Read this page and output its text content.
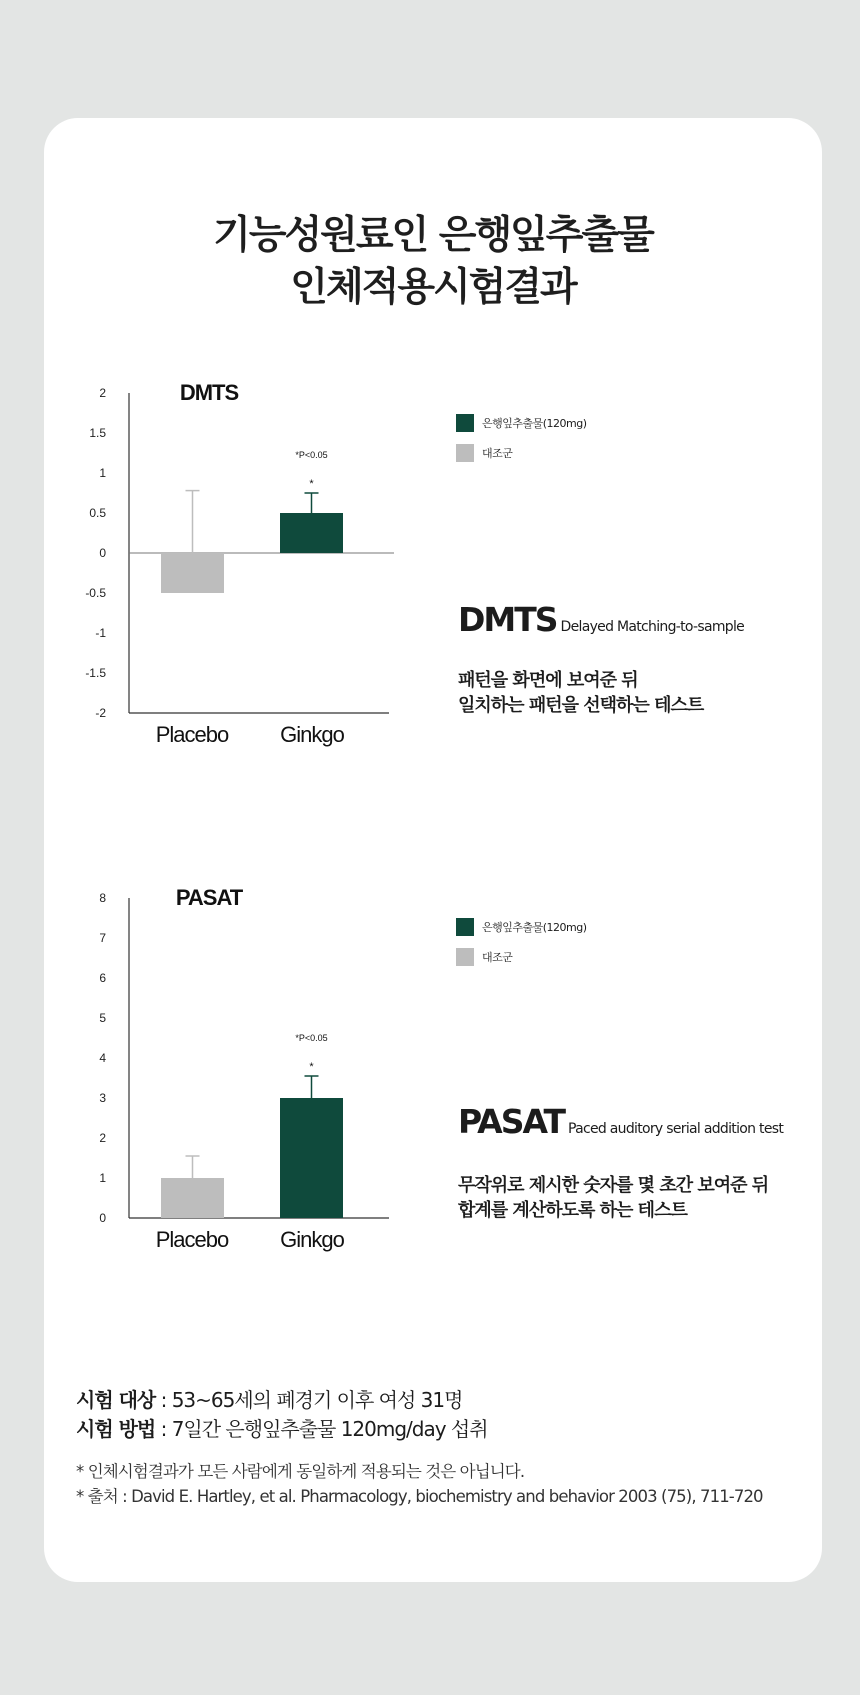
기능성원료인 은행잎추출물
인체적용시험결과
DMTS
2
1.5
1
0.5
0
-0.5
-1
-1.5
-2
*
*P<0.05
Placebo Ginkgo
은행잎추출물(120mg)
대조군
DMTS Delayed Matching-to-sample
패턴을 화면에 보여준 뒤
일치하는 패턴을 선택하는 테스트
PASAT
8
7
6
5
4
3
2
1
0
*
*P<0.05
Placebo Ginkgo
은행잎추출물(120mg)
대조군
PASAT Paced auditory serial addition test
무작위로 제시한 숫자를 몇 초간 보여준 뒤
합계를 계산하도록 하는 테스트
시험 대상 : 53~65세의 폐경기 이후 여성 31명
시험 방법 : 7일간 은행잎추출물 120mg/day 섭취
* 인체시험결과가 모든 사람에게 동일하게 적용되는 것은 아닙니다.
* 출처 : David E. Hartley, et al. Pharmacology, biochemistry and behavior 2003 (75), 711-720
